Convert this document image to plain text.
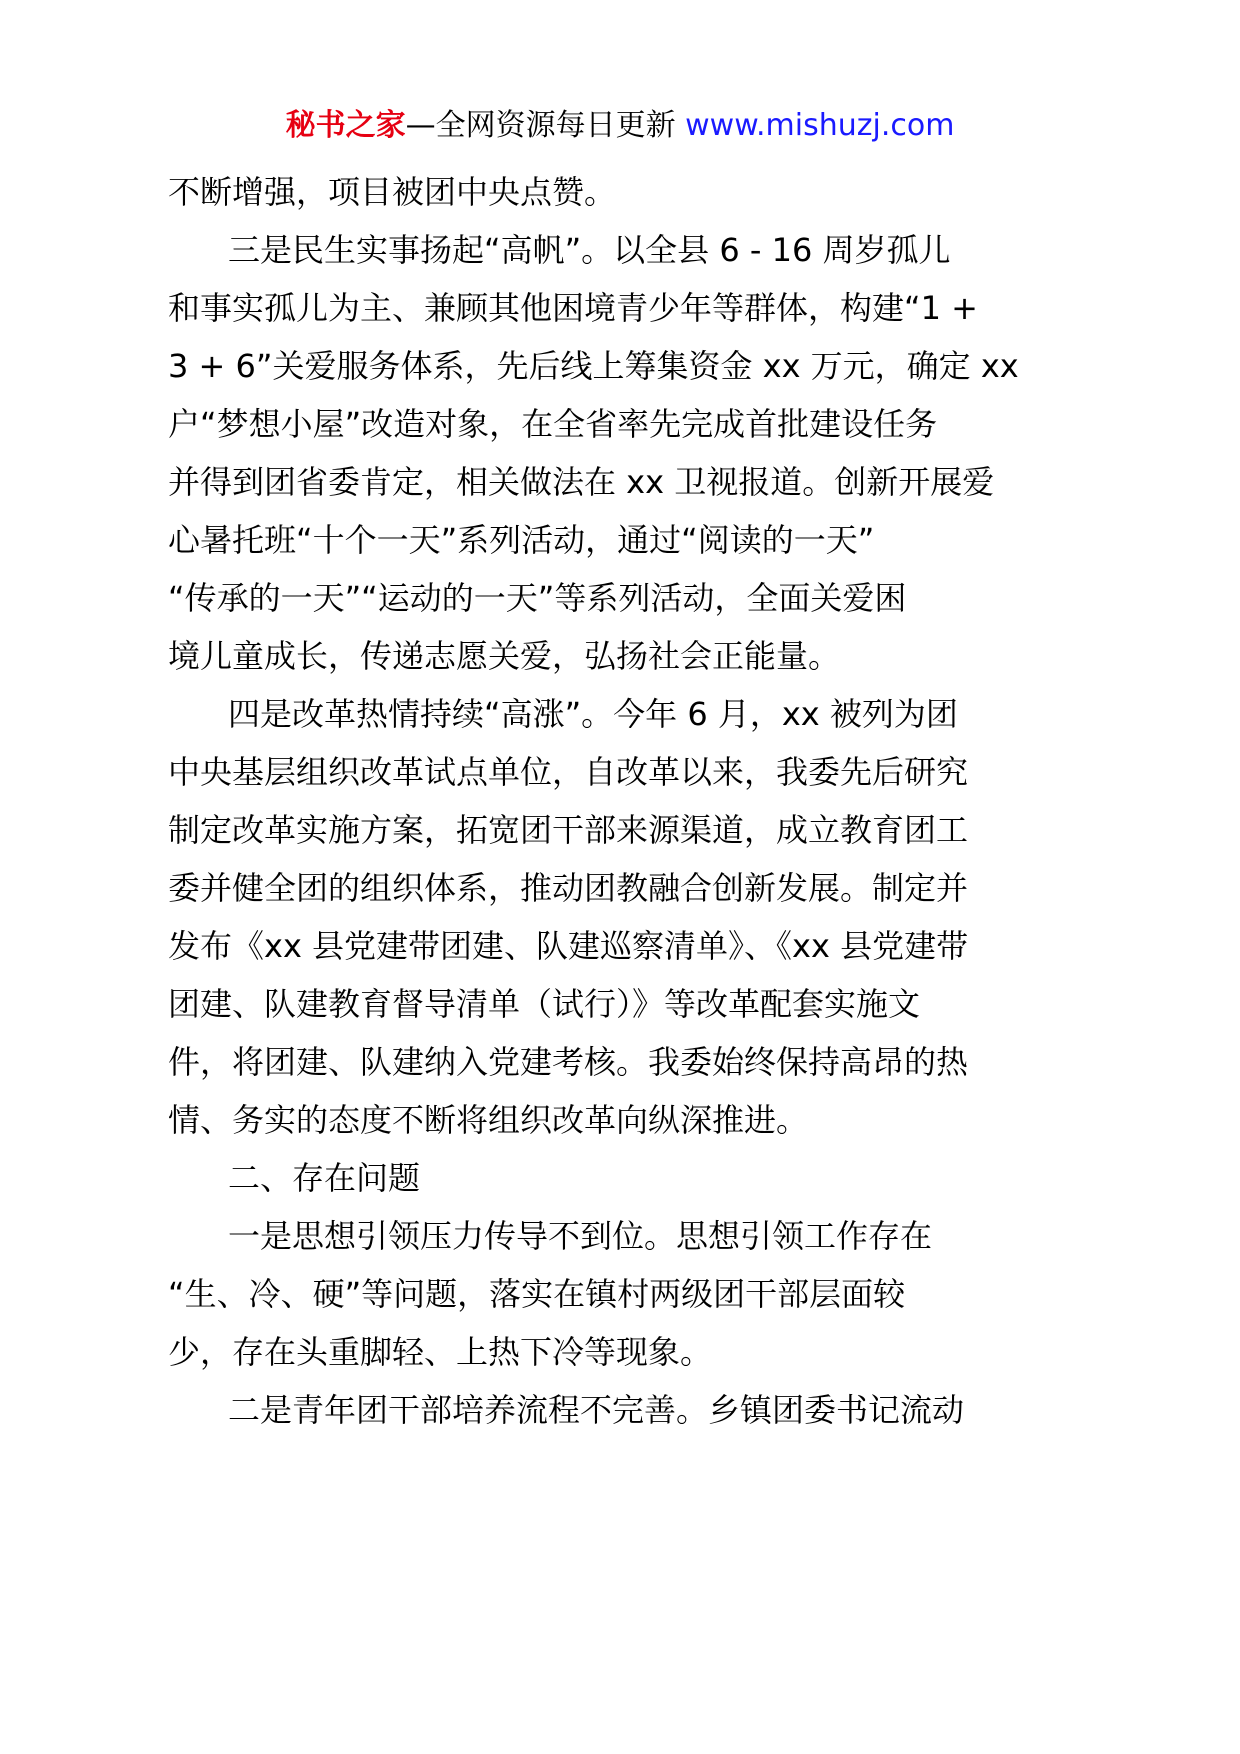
秘书之家—全网资源每日更新 www.mishuzj.com
不断增强，项目被团中央点赞。
三是民生实事扬起“高帆”。以全县 6 - 16 周岁孤儿
和事实孤儿为主、兼顾其他困境青少年等群体，构建“1 +
3 + 6”关爱服务体系，先后线上筹集资金 xx 万元，确定 xx
户“梦想小屋”改造对象，在全省率先完成首批建设任务
并得到团省委肯定，相关做法在 xx 卫视报道。创新开展爱
心暑托班“十个一天”系列活动，通过“阅读的一天”
“传承的一天”“运动的一天”等系列活动，全面关爱困
境儿童成长，传递志愿关爱，弘扬社会正能量。
四是改革热情持续“高涨”。今年 6 月，xx 被列为团
中央基层组织改革试点单位，自改革以来，我委先后研究
制定改革实施方案，拓宽团干部来源渠道，成立教育团工
委并健全团的组织体系，推动团教融合创新发展。制定并
发布《xx 县党建带团建、队建巡察清单》、《xx 县党建带
团建、队建教育督导清单（试行）》等改革配套实施文
件，将团建、队建纳入党建考核。我委始终保持高昂的热
情、务实的态度不断将组织改革向纵深推进。
二、存在问题
一是思想引领压力传导不到位。思想引领工作存在
“生、冷、硬”等问题，落实在镇村两级团干部层面较
少，存在头重脚轻、上热下冷等现象。
二是青年团干部培养流程不完善。乡镇团委书记流动
